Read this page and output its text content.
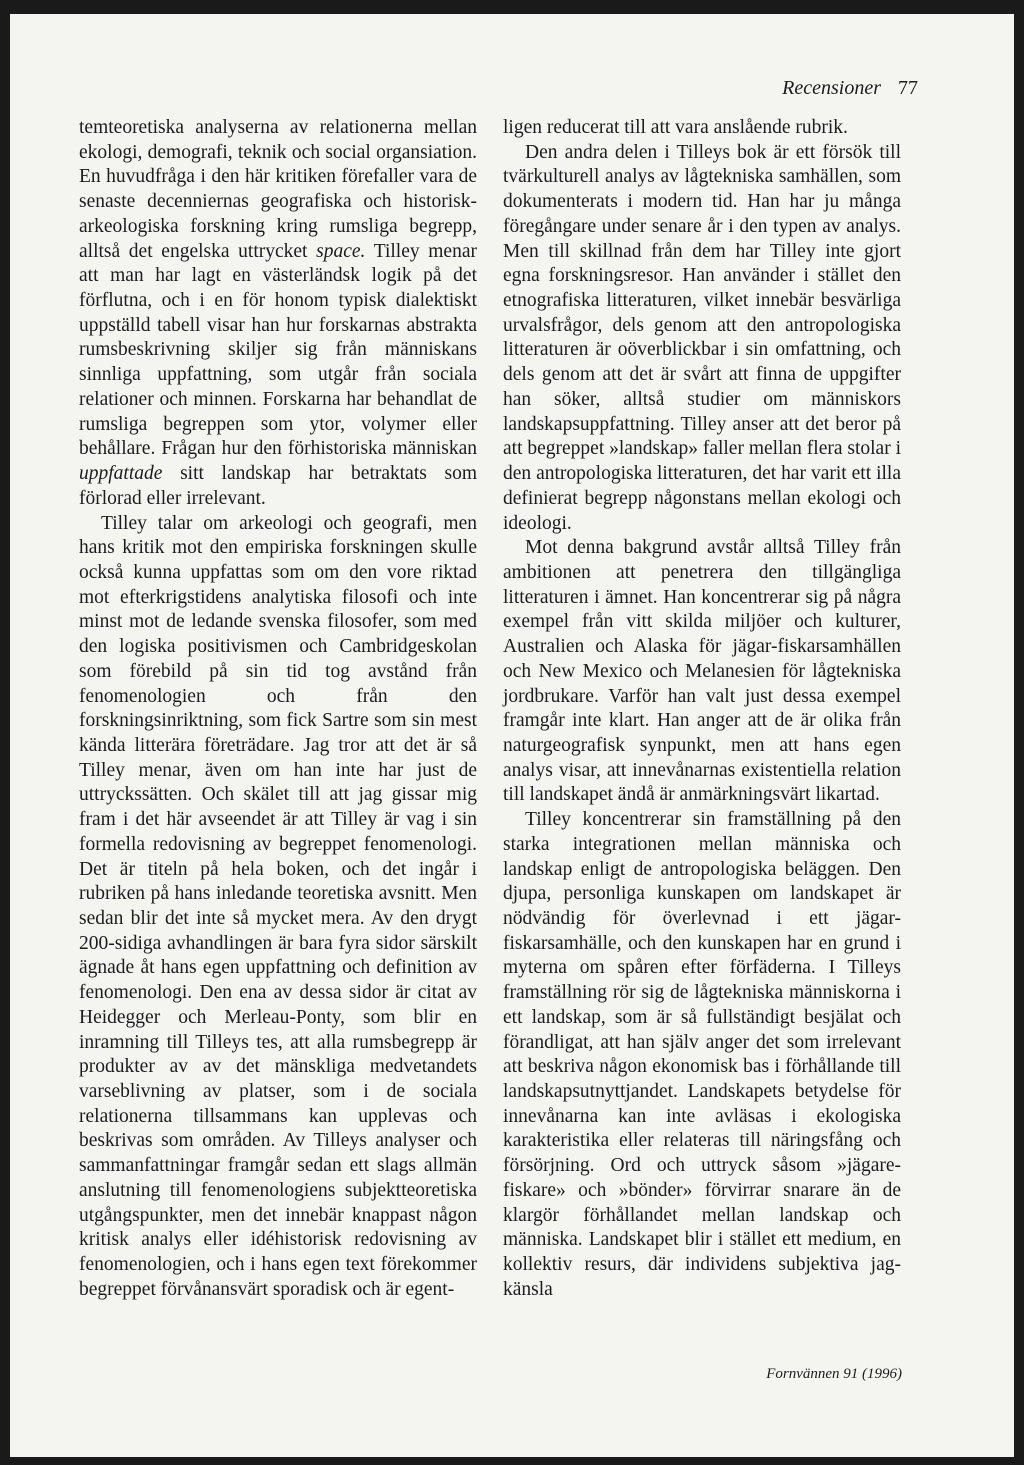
Recensioner 77

temteoretiska analyserna av relationerna mellan ekologi, demografi, teknik och social organsiation. En huvudfråga i den här kritiken förefaller vara de senaste decenniernas geografiska och historisk-arkeologiska forskning kring rumsliga begrepp, alltså det engelska uttrycket space. Tilley menar att man har lagt en västerländsk logik på det förflutna, och i en för honom typisk dialektiskt uppställd tabell visar han hur forskarnas abstrakta rumsbeskrivning skiljer sig från människans sinnliga uppfattning, som utgår från sociala relationer och minnen. Forskarna har behandlat de rumsliga begreppen som ytor, volymer eller behållare. Frågan hur den förhistoriska människan uppfattade sitt landskap har betraktats som förlorad eller irrelevant.

Tilley talar om arkeologi och geografi, men hans kritik mot den empiriska forskningen skulle också kunna uppfattas som om den vore riktad mot efterkrigstidens analytiska filosofi och inte minst mot de ledande svenska filosofer, som med den logiska positivismen och Cambridgeskolan som förebild på sin tid tog avstånd från fenomenologien och från den forskningsinriktning, som fick Sartre som sin mest kända litterära företrädare. Jag tror att det är så Tilley menar, även om han inte har just de uttryckssätten. Och skälet till att jag gissar mig fram i det här avseendet är att Tilley är vag i sin formella redovisning av begreppet fenomenologi. Det är titeln på hela boken, och det ingår i rubriken på hans inledande teoretiska avsnitt. Men sedan blir det inte så mycket mera. Av den drygt 200-sidiga avhandlingen är bara fyra sidor särskilt ägnade åt hans egen uppfattning och definition av fenomenologi. Den ena av dessa sidor är citat av Heidegger och Merleau-Ponty, som blir en inramning till Tilleys tes, att alla rumsbegrepp är produkter av av det mänskliga medvetandets varseblivning av platser, som i de sociala relationerna tillsammans kan upplevas och beskrivas som områden. Av Tilleys analyser och sammanfattningar framgår sedan ett slags allmän anslutning till fenomenologiens subjektteoretiska utgångspunkter, men det innebär knappast någon kritisk analys eller idéhistorisk redovisning av fenomenologien, och i hans egen text förekommer begreppet förvånansvärt sporadisk och är egent-

ligen reducerat till att vara anslående rubrik.

Den andra delen i Tilleys bok är ett försök till tvärkulturell analys av lågtekniska samhällen, som dokumenterats i modern tid. Han har ju många föregångare under senare år i den typen av analys. Men till skillnad från dem har Tilley inte gjort egna forskningsresor. Han använder i stället den etnografiska litteraturen, vilket innebär besvärliga urvalsfrågor, dels genom att den antropologiska litteraturen är oöverblickbar i sin omfattning, och dels genom att det är svårt att finna de uppgifter han söker, alltså studier om människors landskapsuppfattning. Tilley anser att det beror på att begreppet »landskap» faller mellan flera stolar i den antropologiska litteraturen, det har varit ett illa definierat begrepp någonstans mellan ekologi och ideologi.

Mot denna bakgrund avstår alltså Tilley från ambitionen att penetrera den tillgängliga litteraturen i ämnet. Han koncentrerar sig på några exempel från vitt skilda miljöer och kulturer, Australien och Alaska för jägar-fiskarsamhällen och New Mexico och Melanesien för lågtekniska jordbrukare. Varför han valt just dessa exempel framgår inte klart. Han anger att de är olika från naturgeografisk synpunkt, men att hans egen analys visar, att innevånarnas existentiella relation till landskapet ändå är anmärkningsvärt likartad.

Tilley koncentrerar sin framställning på den starka integrationen mellan människa och landskap enligt de antropologiska beläggen. Den djupa, personliga kunskapen om landskapet är nödvändig för överlevnad i ett jägar-fiskarsamhälle, och den kunskapen har en grund i myterna om spåren efter förfäderna. I Tilleys framställning rör sig de lågtekniska människorna i ett landskap, som är så fullständigt besjälat och förandligat, att han själv anger det som irrelevant att beskriva någon ekonomisk bas i förhållande till landskapsutnyttjandet. Landskapets betydelse för innevånarna kan inte avläsas i ekologiska karakteristika eller relateras till näringsfång och försörjning. Ord och uttryck såsom »jägare-fiskare» och »bönder» förvirrar snarare än de klargör förhållandet mellan landskap och människa. Landskapet blir i stället ett medium, en kollektiv resurs, där individens subjektiva jag-känsla

Fornvännen 91 (1996)
